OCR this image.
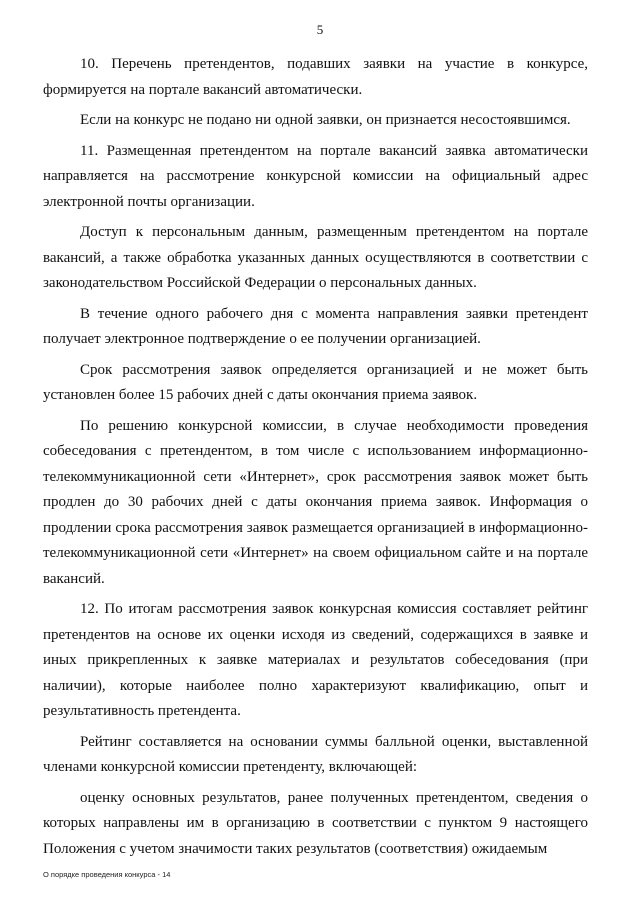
5

10. Перечень претендентов, подавших заявки на участие в конкурсе, формируется на портале вакансий автоматически.

Если на конкурс не подано ни одной заявки, он признается несостоявшимся.

11. Размещенная претендентом на портале вакансий заявка автоматически направляется на рассмотрение конкурсной комиссии на официальный адрес электронной почты организации.

Доступ к персональным данным, размещенным претендентом на портале вакансий, а также обработка указанных данных осуществляются в соответствии с законодательством Российской Федерации о персональных данных.

В течение одного рабочего дня с момента направления заявки претендент получает электронное подтверждение о ее получении организацией.

Срок рассмотрения заявок определяется организацией и не может быть установлен более 15 рабочих дней с даты окончания приема заявок.

По решению конкурсной комиссии, в случае необходимости проведения собеседования с претендентом, в том числе с использованием информационно-телекоммуникационной сети «Интернет», срок рассмотрения заявок может быть продлен до 30 рабочих дней с даты окончания приема заявок. Информация о продлении срока рассмотрения заявок размещается организацией в информационно-телекоммуникационной сети «Интернет» на своем официальном сайте и на портале вакансий.

12. По итогам рассмотрения заявок конкурсная комиссия составляет рейтинг претендентов на основе их оценки исходя из сведений, содержащихся в заявке и иных прикрепленных к заявке материалах и результатов собеседования (при наличии), которые наиболее полно характеризуют квалификацию, опыт и результативность претендента.

Рейтинг составляется на основании суммы балльной оценки, выставленной членами конкурсной комиссии претенденту, включающей:

оценку основных результатов, ранее полученных претендентом, сведения о которых направлены им в организацию в соответствии с пунктом 9 настоящего Положения с учетом значимости таких результатов (соответствия) ожидаемым

О порядке проведения конкурса - 14
